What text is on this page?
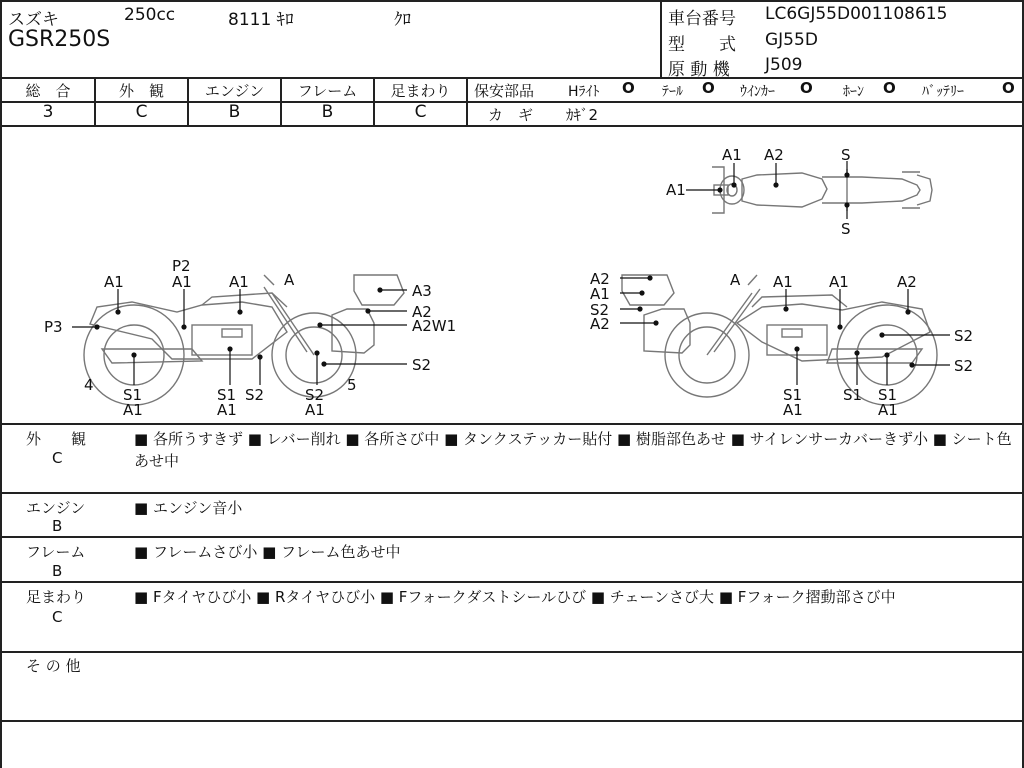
スズキ	250cc	8111 ｷﾛ	ｸﾛ
GSR250S
車台番号 LC6GJ55D001108615
型　　式 GJ55D
原 動 機 J509
総　合	外　観	エンジン	フレーム	足まわり
3	C	B	B	C
保安部品 Hﾗｲﾄ O ﾃｰﾙ O ｳｲﾝｶｰ O ﾎｰﾝ O ﾊﾞｯﾃﾘｰ	O
カ　ギ ｶｷﾞ2
A1 A2	S
A1
S
P2
A1	A1 A1 A
A3
A2
P3	A2W1
S2
4	5
S1
A1
S1 S2
A1
S2
A1
A2	A A1 A1	A2
A1
S2
A2
S2
S2
S1
A1
S1 S1
A1
外　　観
C
■ 各所うすきず ■ レバー削れ ■ 各所さび中 ■ タンクステッカー貼付 ■ 樹脂部色あせ ■ サイレンサーカバーきず小 ■ シート色あせ中
エンジン
B
■ エンジン音小
フレーム
B
■ フレームさび小 ■ フレーム色あせ中
足まわり
C
■ Fタイヤひび小 ■ Rタイヤひび小 ■ Fフォークダストシールひび ■ チェーンさび大 ■ Fフォーク摺動部さび中
そ の 他
